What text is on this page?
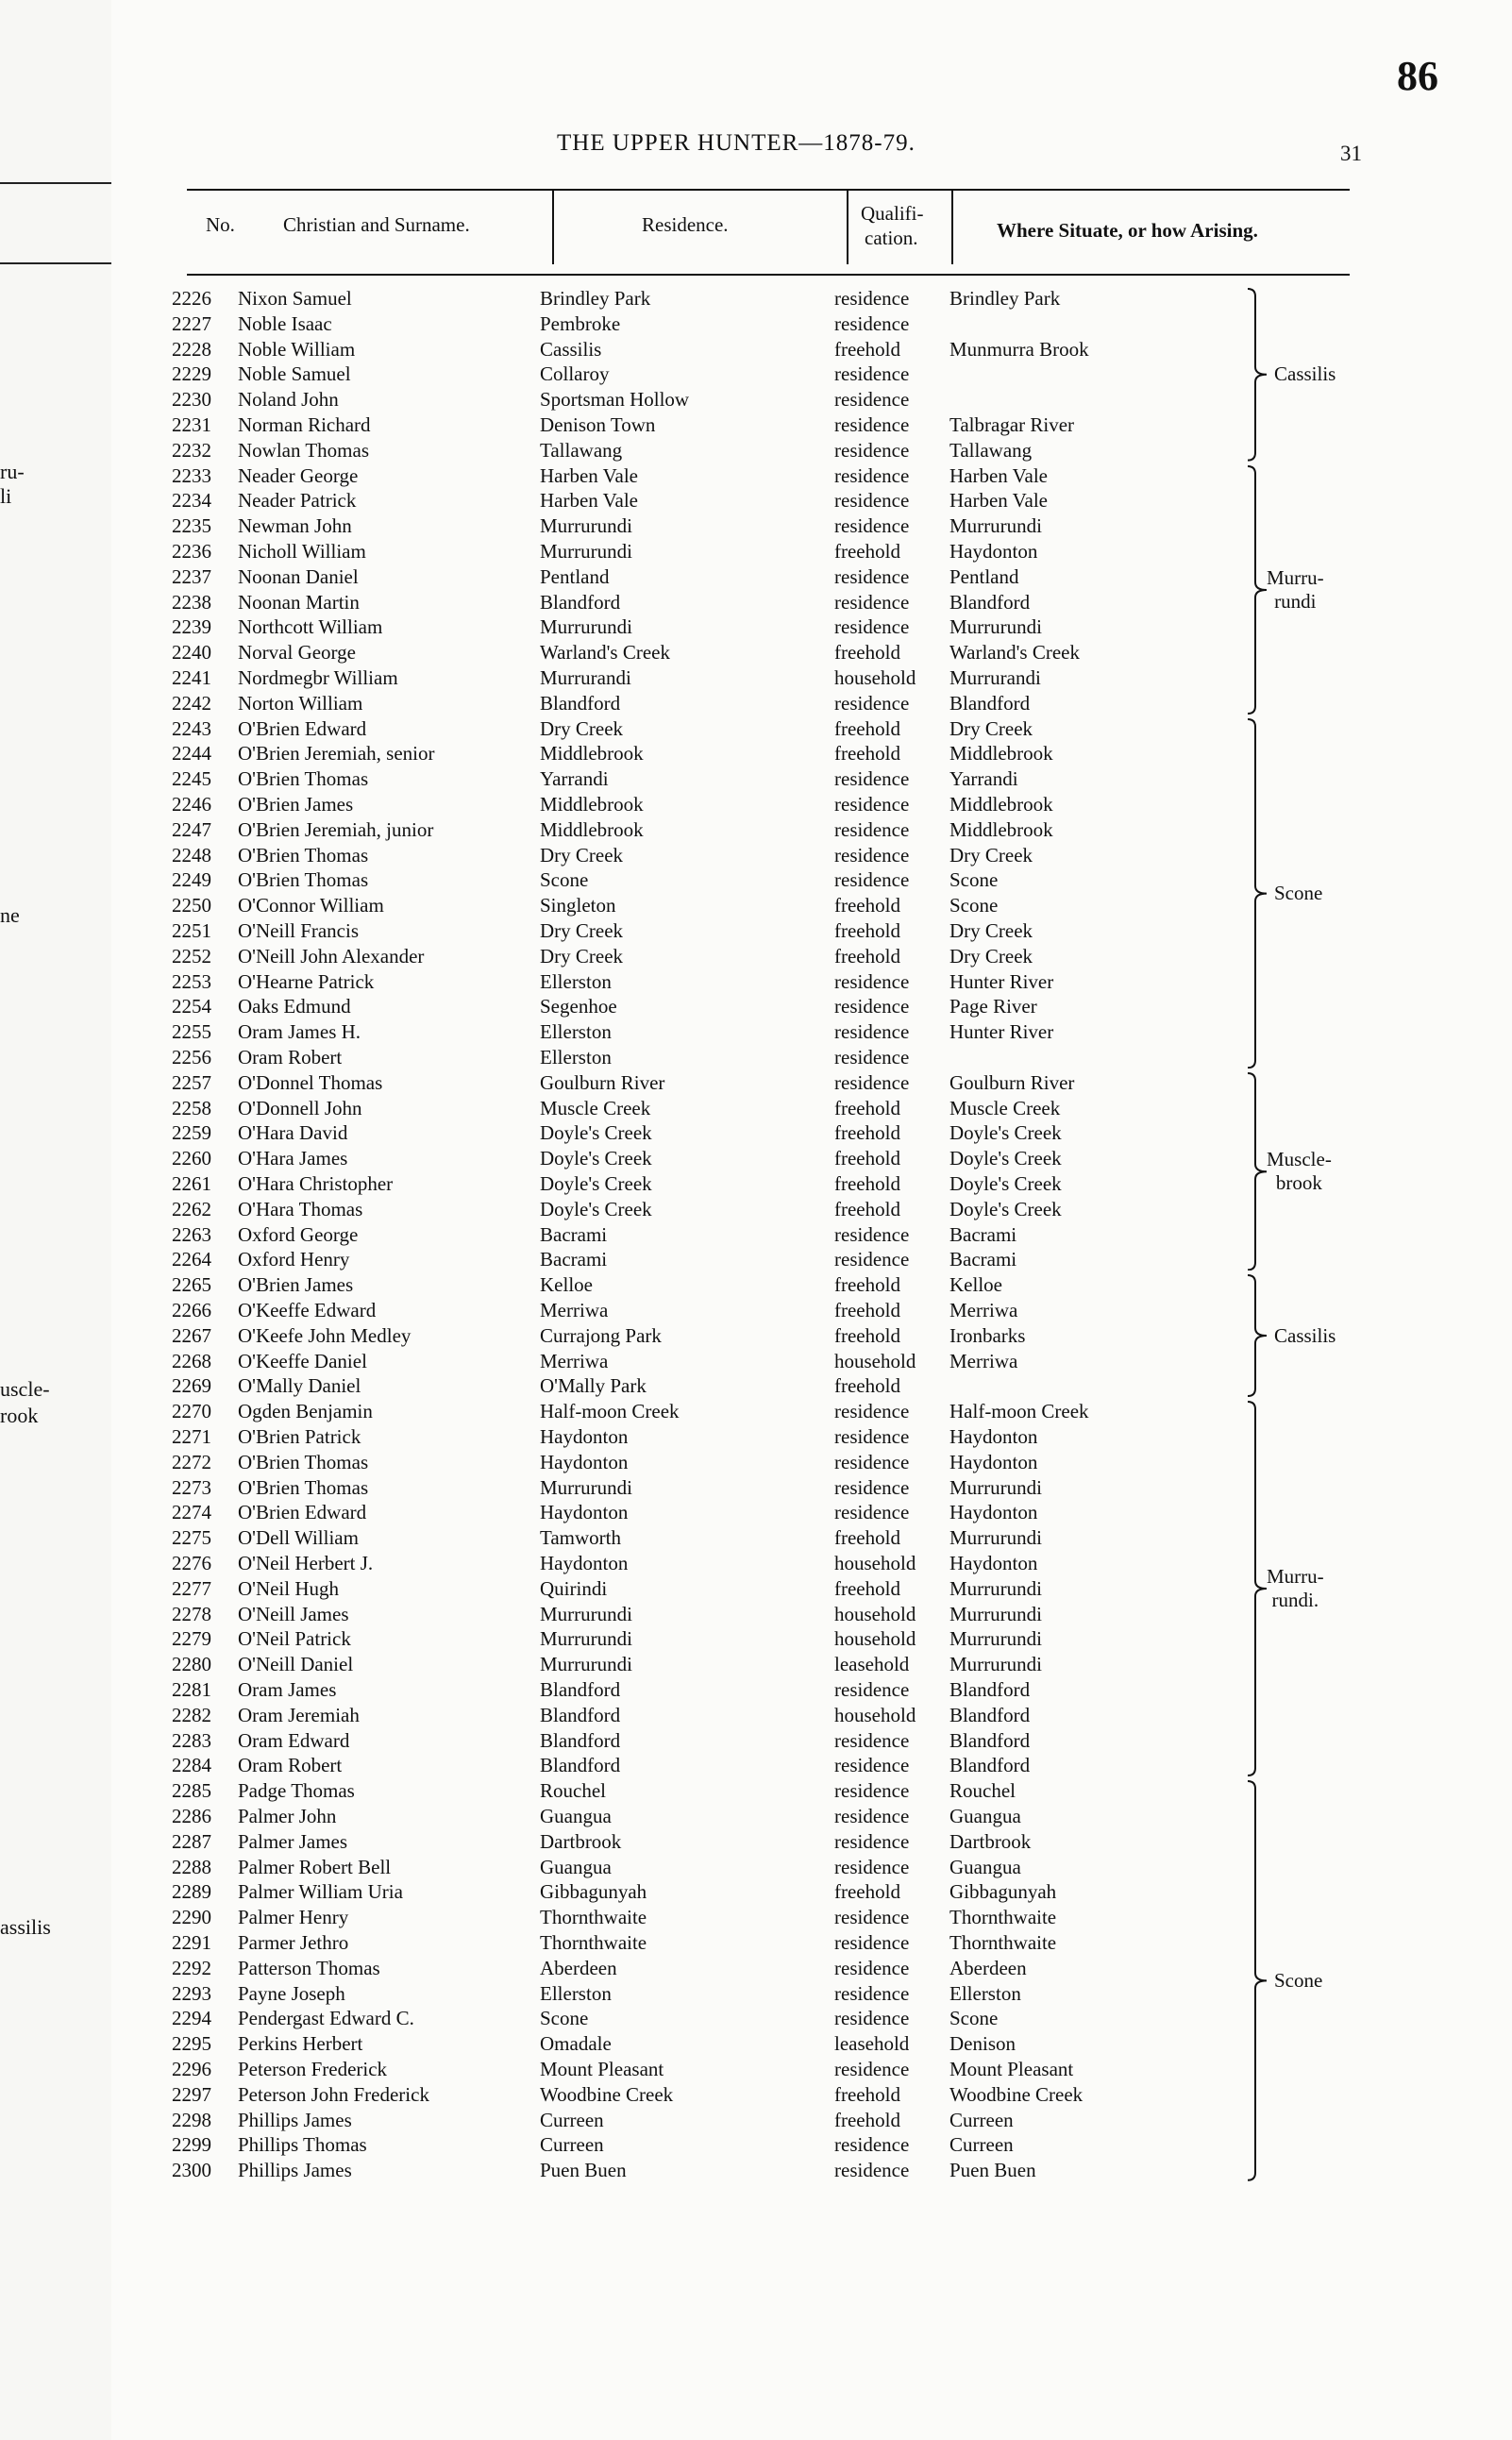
ru-
li
ne
uscle-
rook
assilis
86
THE UPPER HUNTER—1878-79.	31
No. Christian and Surname.	Residence.	Qualifi-
cation.	Where Situate, or how Arising.
2226 Nixon Samuel	Brindley Park	residence Brindley Park
2227 Noble Isaac	Pembroke	residence
2228 Noble William	Cassilis	freehold Munmurra Brook
2229 Noble Samuel	Collaroy	residence
2230 Noland John	Sportsman Hollow	residence
2231 Norman Richard	Denison Town	residence Talbragar River
2232 Nowlan Thomas	Tallawang	residence Tallawang
2233 Neader George	Harben Vale	residence Harben Vale
2234 Neader Patrick	Harben Vale	residence Harben Vale
2235 Newman John	Murrurundi	residence Murrurundi
2236 Nicholl William	Murrurundi	freehold Haydonton
2237 Noonan Daniel	Pentland	residence Pentland
2238 Noonan Martin	Blandford	residence Blandford
2239 Northcott William	Murrurundi	residence Murrurundi
2240 Norval George	Warland's Creek	freehold Warland's Creek
2241 Nordmegbr William	Murrurandi	household Murrurandi
2242 Norton William	Blandford	residence Blandford
2243 O'Brien Edward	Dry Creek	freehold Dry Creek
2244 O'Brien Jeremiah, senior	Middlebrook	freehold Middlebrook
2245 O'Brien Thomas	Yarrandi	residence Yarrandi
2246 O'Brien James	Middlebrook	residence Middlebrook
2247 O'Brien Jeremiah, junior	Middlebrook	residence Middlebrook
2248 O'Brien Thomas	Dry Creek	residence Dry Creek
2249 O'Brien Thomas	Scone	residence Scone
2250 O'Connor William	Singleton	freehold Scone
2251 O'Neill Francis	Dry Creek	freehold Dry Creek
2252 O'Neill John Alexander	Dry Creek	freehold Dry Creek
2253 O'Hearne Patrick	Ellerston	residence Hunter River
2254 Oaks Edmund	Segenhoe	residence Page River
2255 Oram James H.	Ellerston	residence Hunter River
2256 Oram Robert	Ellerston	residence
2257 O'Donnel Thomas	Goulburn River	residence Goulburn River
2258 O'Donnell John	Muscle Creek	freehold Muscle Creek
2259 O'Hara David	Doyle's Creek	freehold Doyle's Creek
2260 O'Hara James	Doyle's Creek	freehold Doyle's Creek
2261 O'Hara Christopher	Doyle's Creek	freehold Doyle's Creek
2262 O'Hara Thomas	Doyle's Creek	freehold Doyle's Creek
2263 Oxford George	Bacrami	residence Bacrami
2264 Oxford Henry	Bacrami	residence Bacrami
2265 O'Brien James	Kelloe	freehold Kelloe
2266 O'Keeffe Edward	Merriwa	freehold Merriwa
2267 O'Keefe John Medley	Currajong Park	freehold Ironbarks
2268 O'Keeffe Daniel	Merriwa	household Merriwa
2269 O'Mally Daniel	O'Mally Park	freehold
2270 Ogden Benjamin	Half-moon Creek	residence Half-moon Creek
2271 O'Brien Patrick	Haydonton	residence Haydonton
2272 O'Brien Thomas	Haydonton	residence Haydonton
2273 O'Brien Thomas	Murrurundi	residence Murrurundi
2274 O'Brien Edward	Haydonton	residence Haydonton
2275 O'Dell William	Tamworth	freehold Murrurundi
2276 O'Neil Herbert J.	Haydonton	household Haydonton
2277 O'Neil Hugh	Quirindi	freehold Murrurundi
2278 O'Neill James	Murrurundi	household Murrurundi
2279 O'Neil Patrick	Murrurundi	household Murrurundi
2280 O'Neill Daniel	Murrurundi	leasehold Murrurundi
2281 Oram James	Blandford	residence Blandford
2282 Oram Jeremiah	Blandford	household Blandford
2283 Oram Edward	Blandford	residence Blandford
2284 Oram Robert	Blandford	residence Blandford
2285 Padge Thomas	Rouchel	residence Rouchel
2286 Palmer John	Guangua	residence Guangua
2287 Palmer James	Dartbrook	residence Dartbrook
2288 Palmer Robert Bell	Guangua	residence Guangua
2289 Palmer William Uria	Gibbagunyah	freehold Gibbagunyah
2290 Palmer Henry	Thornthwaite	residence Thornthwaite
2291 Parmer Jethro	Thornthwaite	residence Thornthwaite
2292 Patterson Thomas	Aberdeen	residence Aberdeen
2293 Payne Joseph	Ellerston	residence Ellerston
2294 Pendergast Edward C.	Scone	residence Scone
2295 Perkins Herbert	Omadale	leasehold Denison
2296 Peterson Frederick	Mount Pleasant	residence Mount Pleasant
2297 Peterson John Frederick	Woodbine Creek	freehold Woodbine Creek
2298 Phillips James	Curreen	freehold Curreen
2299 Phillips Thomas	Curreen	residence Curreen
2300 Phillips James	Puen Buen	residence Puen Buen
Cassilis
Murru-
rundi
Scone
Muscle-
brook
Cassilis
Murru-
rundi.
Scone
